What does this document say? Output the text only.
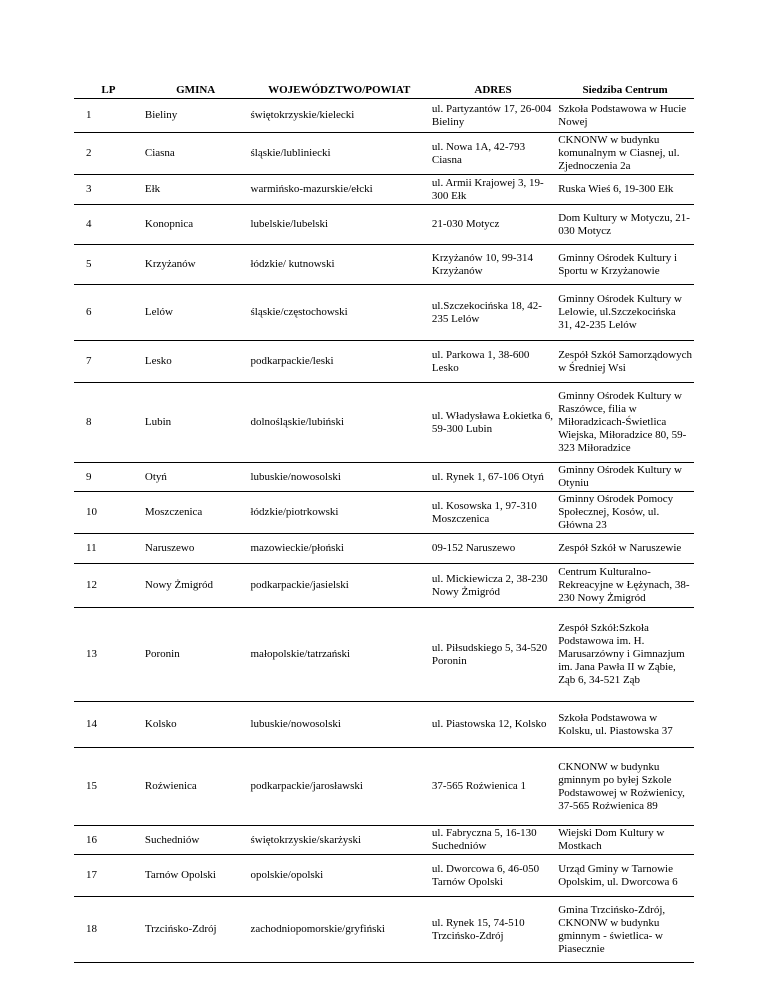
LP	GMINA	WOJEWÓDZTWO/POWIAT	ADRES	Siedziba Centrum
1	Bieliny	świętokrzyskie/kielecki	ul. Partyzantów 17, 26-004 Bieliny	Szkoła Podstawowa w Hucie Nowej
2	Ciasna	śląskie/lubliniecki	ul. Nowa 1A, 42-793 Ciasna	CKNONW w budynku komunalnym w Ciasnej, ul. Zjednoczenia 2a
3	Ełk	warmińsko-mazurskie/ełcki	ul. Armii Krajowej 3, 19-300 Ełk	Ruska Wieś 6, 19-300 Ełk
4	Konopnica	lubelskie/lubelski	21-030 Motycz	Dom Kultury w Motyczu, 21-030 Motycz
5	Krzyżanów	łódzkie/ kutnowski	Krzyżanów 10, 99-314 Krzyżanów	Gminny Ośrodek Kultury i Sportu w Krzyżanowie
6	Lelów	śląskie/częstochowski	ul.Szczekocińska 18, 42-235 Lelów	Gminny Ośrodek Kultury w Lelowie, ul.Szczekocińska 31, 42-235 Lelów
7	Lesko	podkarpackie/leski	ul. Parkowa 1, 38-600 Lesko	Zespół Szkół Samorządowych w Średniej Wsi
8	Lubin	dolnośląskie/lubiński	ul. Władysława Łokietka 6, 59-300 Lubin	Gminny Ośrodek Kultury w Raszówce, filia w Miłoradzicach-Świetlica Wiejska, Miłoradzice 80, 59-323 Miłoradzice
9	Otyń	lubuskie/nowosolski	ul. Rynek 1, 67-106 Otyń	Gminny Ośrodek Kultury w Otyniu
10	Moszczenica	łódzkie/piotrkowski	ul. Kosowska 1, 97-310 Moszczenica	Gminny Ośrodek Pomocy Społecznej, Kosów, ul. Główna 23
11	Naruszewo	mazowieckie/płoński	09-152 Naruszewo	Zespół Szkół w Naruszewie
12	Nowy Żmigród	podkarpackie/jasielski	ul. Mickiewicza 2, 38-230 Nowy Żmigród	Centrum Kulturalno-Rekreacyjne w Łężynach, 38-230 Nowy Żmigród
13	Poronin	małopolskie/tatrzański	ul. Piłsudskiego 5, 34-520 Poronin	Zespół Szkół:Szkoła Podstawowa im. H. Marusarzówny i Gimnazjum im. Jana Pawła II w Ząbie, Ząb 6, 34-521 Ząb
14	Kolsko	lubuskie/nowosolski	ul. Piastowska 12, Kolsko	Szkoła Podstawowa w Kolsku, ul. Piastowska 37
15	Roźwienica	podkarpackie/jarosławski	37-565 Roźwienica 1	CKNONW w budynku gminnym po byłej Szkole Podstawowej w Roźwienicy, 37-565 Roźwienica 89
16	Suchedniów	świętokrzyskie/skarżyski	ul. Fabryczna 5, 16-130 Suchedniów	Wiejski Dom Kultury w Mostkach
17	Tarnów Opolski	opolskie/opolski	ul. Dworcowa 6, 46-050 Tarnów Opolski	Urząd Gminy w Tarnowie Opolskim, ul. Dworcowa 6
18	Trzcińsko-Zdrój	zachodniopomorskie/gryfiński	ul. Rynek 15, 74-510 Trzcińsko-Zdrój	Gmina Trzcińsko-Zdrój, CKNONW w budynku gminnym - świetlica- w Piasecznie
